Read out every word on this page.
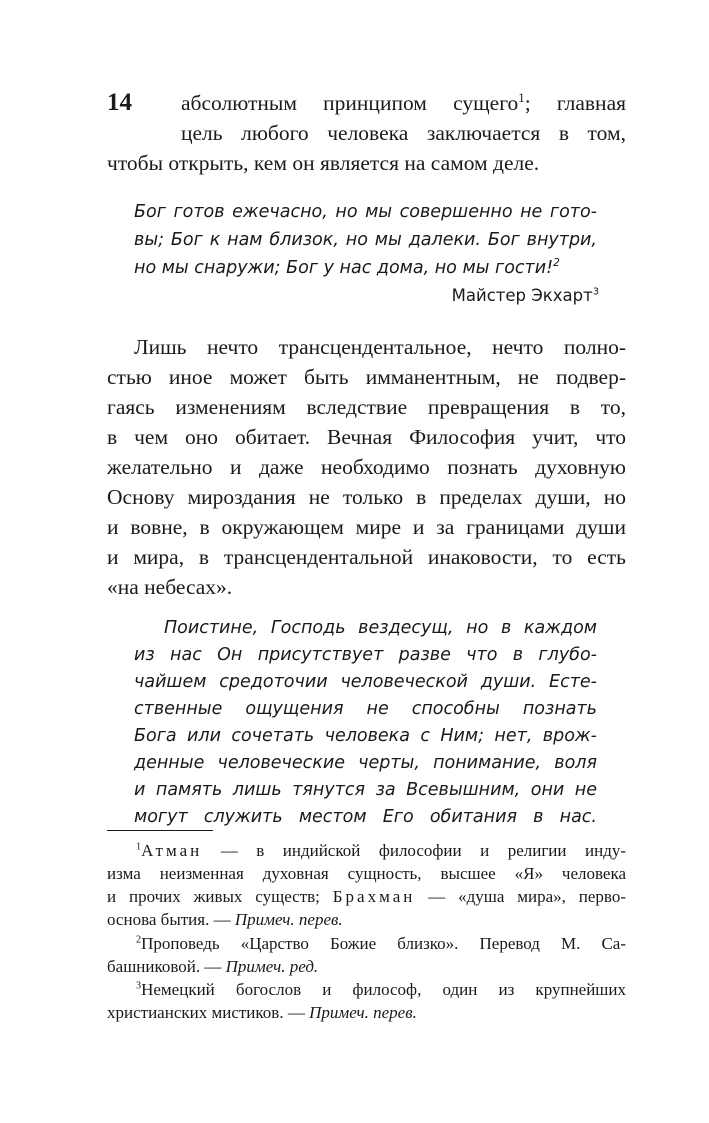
14 абсолютным принципом сущего$^1$; главная
цель любого человека заключается в том,
чтобы открыть, кем он является на самом деле.
Бог готов ежечасно, но мы совершенно не гото-
вы; Бог к нам близок, но мы далеки. Бог внутри,
но мы снаружи; Бог у нас дома, но мы гости!$^2$
Майстер Экхарт$^3$
Лишь нечто трансцендентальное, нечто полно-
стью иное может быть имманентным, не подвер-
гаясь изменениям вследствие превращения в то,
в чем оно обитает. Вечная Философия учит, что
желательно и даже необходимо познать духовную
Основу мироздания не только в пределах души, но
и вовне, в окружающем мире и за границами души
и мира, в трансцендентальной инаковости, то есть
«на небесах».
Поистине, Господь вездесущ, но в каждом
из нас Он присутствует разве что в глубо-
чайшем средоточии человеческой души. Есте-
ственные ощущения не способны познать
Бога или сочетать человека с Ним; нет, врож-
денные человеческие черты, понимание, воля
и память лишь тянутся за Всевышним, они не
могут служить местом Его обитания в нас.
$^1$Атман — в индийской философии и религии инду-
изма неизменная духовная сущность, высшее «Я» человека
и прочих живых существ; Брахман — «душа мира», перво-
основа бытия. — Примеч. перев.
$^2$Проповедь «Царство Божие близко». Перевод М. Са-
башниковой. — Примеч. ред.
$^3$Немецкий богослов и философ, один из крупнейших
христианских мистиков. — Примеч. перев.
